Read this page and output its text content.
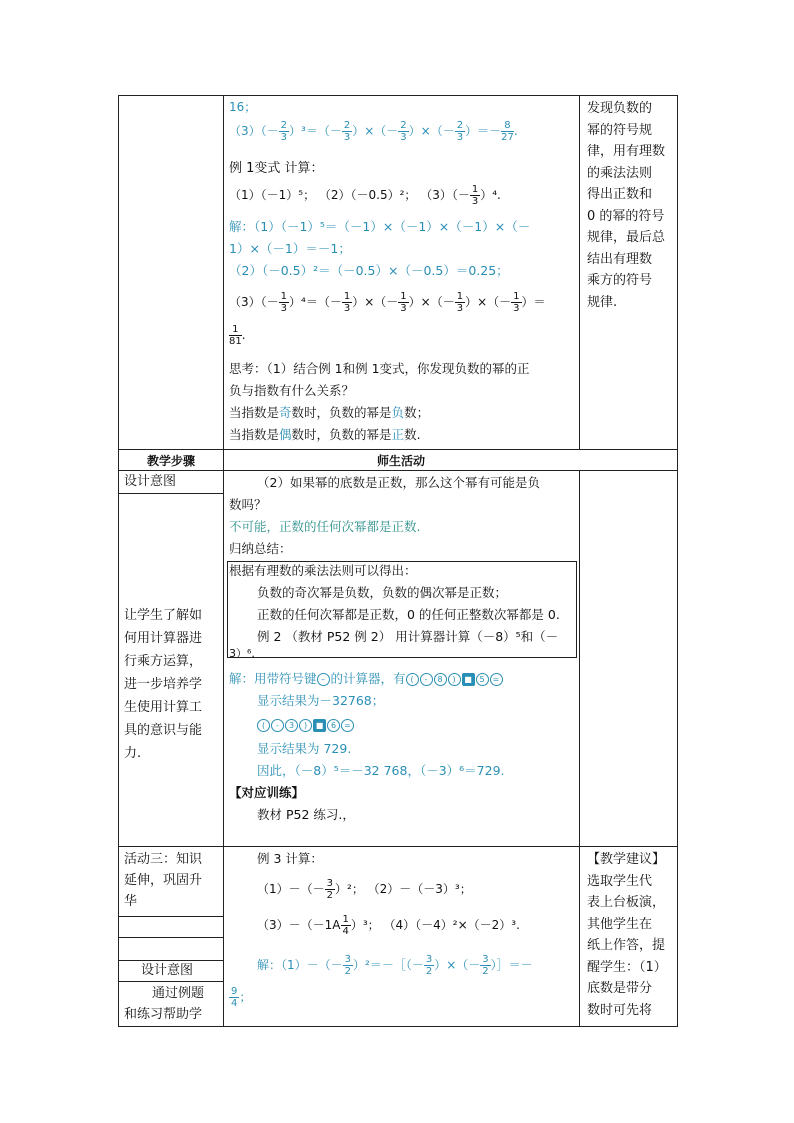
发现负数的
幂的符号规
律，用有理数
的乘法法则
得出正数和
0 的幂的符号
规律，最后总
结出有理数
乘方的符号
规律.
【教学建议】
选取学生代
表上台板演，
其他学生在
纸上作答，提
醒学生：（1）
底数是带分
数时可先将
教学步骤	师生活动
设计意图
让学生了解如
何用计算器进
行乘方运算，
进一步培养学
生使用计算工
具的意识与能
力.
活动三：知识
延伸，巩固升
华
设计意图
通过例题
和练习帮助学
16；
$(3)(- \frac{2}{3} )^3=(- \frac{2}{3}$ ）×（－ $\frac{2}{3}$ ）×（－ $\frac{2}{3}$ ）＝－ $\frac{8}{27}$ .
例 1变式 计算：
（1）（－1）⁵； （2）（－0.5）²； $(3)(- \frac{1}{3} )^4$.
解：（1）（－1）⁵＝（－1）×（－1）×（－1）×（－
1）×（－1）＝－1；
（2）（－0.5）²＝（－0.5）×（－0.5）＝0.25；
$(3)(- \frac{1}{3} )^4=(- \frac{1}{3}$ ）×（－ $\frac{1}{3}$ ）×（－ $\frac{1}{3}$ ）×（－ $\frac{1}{3}$ ）＝
$\frac{1}{81}$ .
思考：（1）结合例 1和例 1变式，你发现负数的幂的正
负与指数有什么关系？
当指数是奇数时，负数的幂是负数；
当指数是偶数时，负数的幂是正数.
（2）如果幂的底数是正数，那么这个幂有可能是负
数吗？
不可能，正数的任何次幂都是正数.
归纳总结：
根据有理数的乘法法则可以得出：
负数的奇次幂是负数，负数的偶次幂是正数；
正数的任何次幂都是正数，0 的任何正整数次幂都是 0.
例 2 （教材 P52 例 2） 用计算器计算（－8）⁵和（－
3）⁶.
解：用带符号键 – 的计算器，有 ( - 8 ) ■ 5 =
显示结果为－32768；
( - 3 ) ■ 6 =
显示结果为 729.
因此，（－8）⁵＝－32 768，（－3）⁶＝729.
【对应训练】
教材 P52 练习.，
例 3 计算：
$(1)-(- \frac{3}{2} )^2$； （2）－（－3）³；
$(3)-(-1A \frac{1}{4} )^3$； （4）（－4）²×（－2）³.
解：$(1)-(- \frac{3}{2}$ ）²＝－［（－ $\frac{3}{2}$ ）×（－ $\frac{3}{2}$ ）］＝－
$\frac{9}{4}$ ；
